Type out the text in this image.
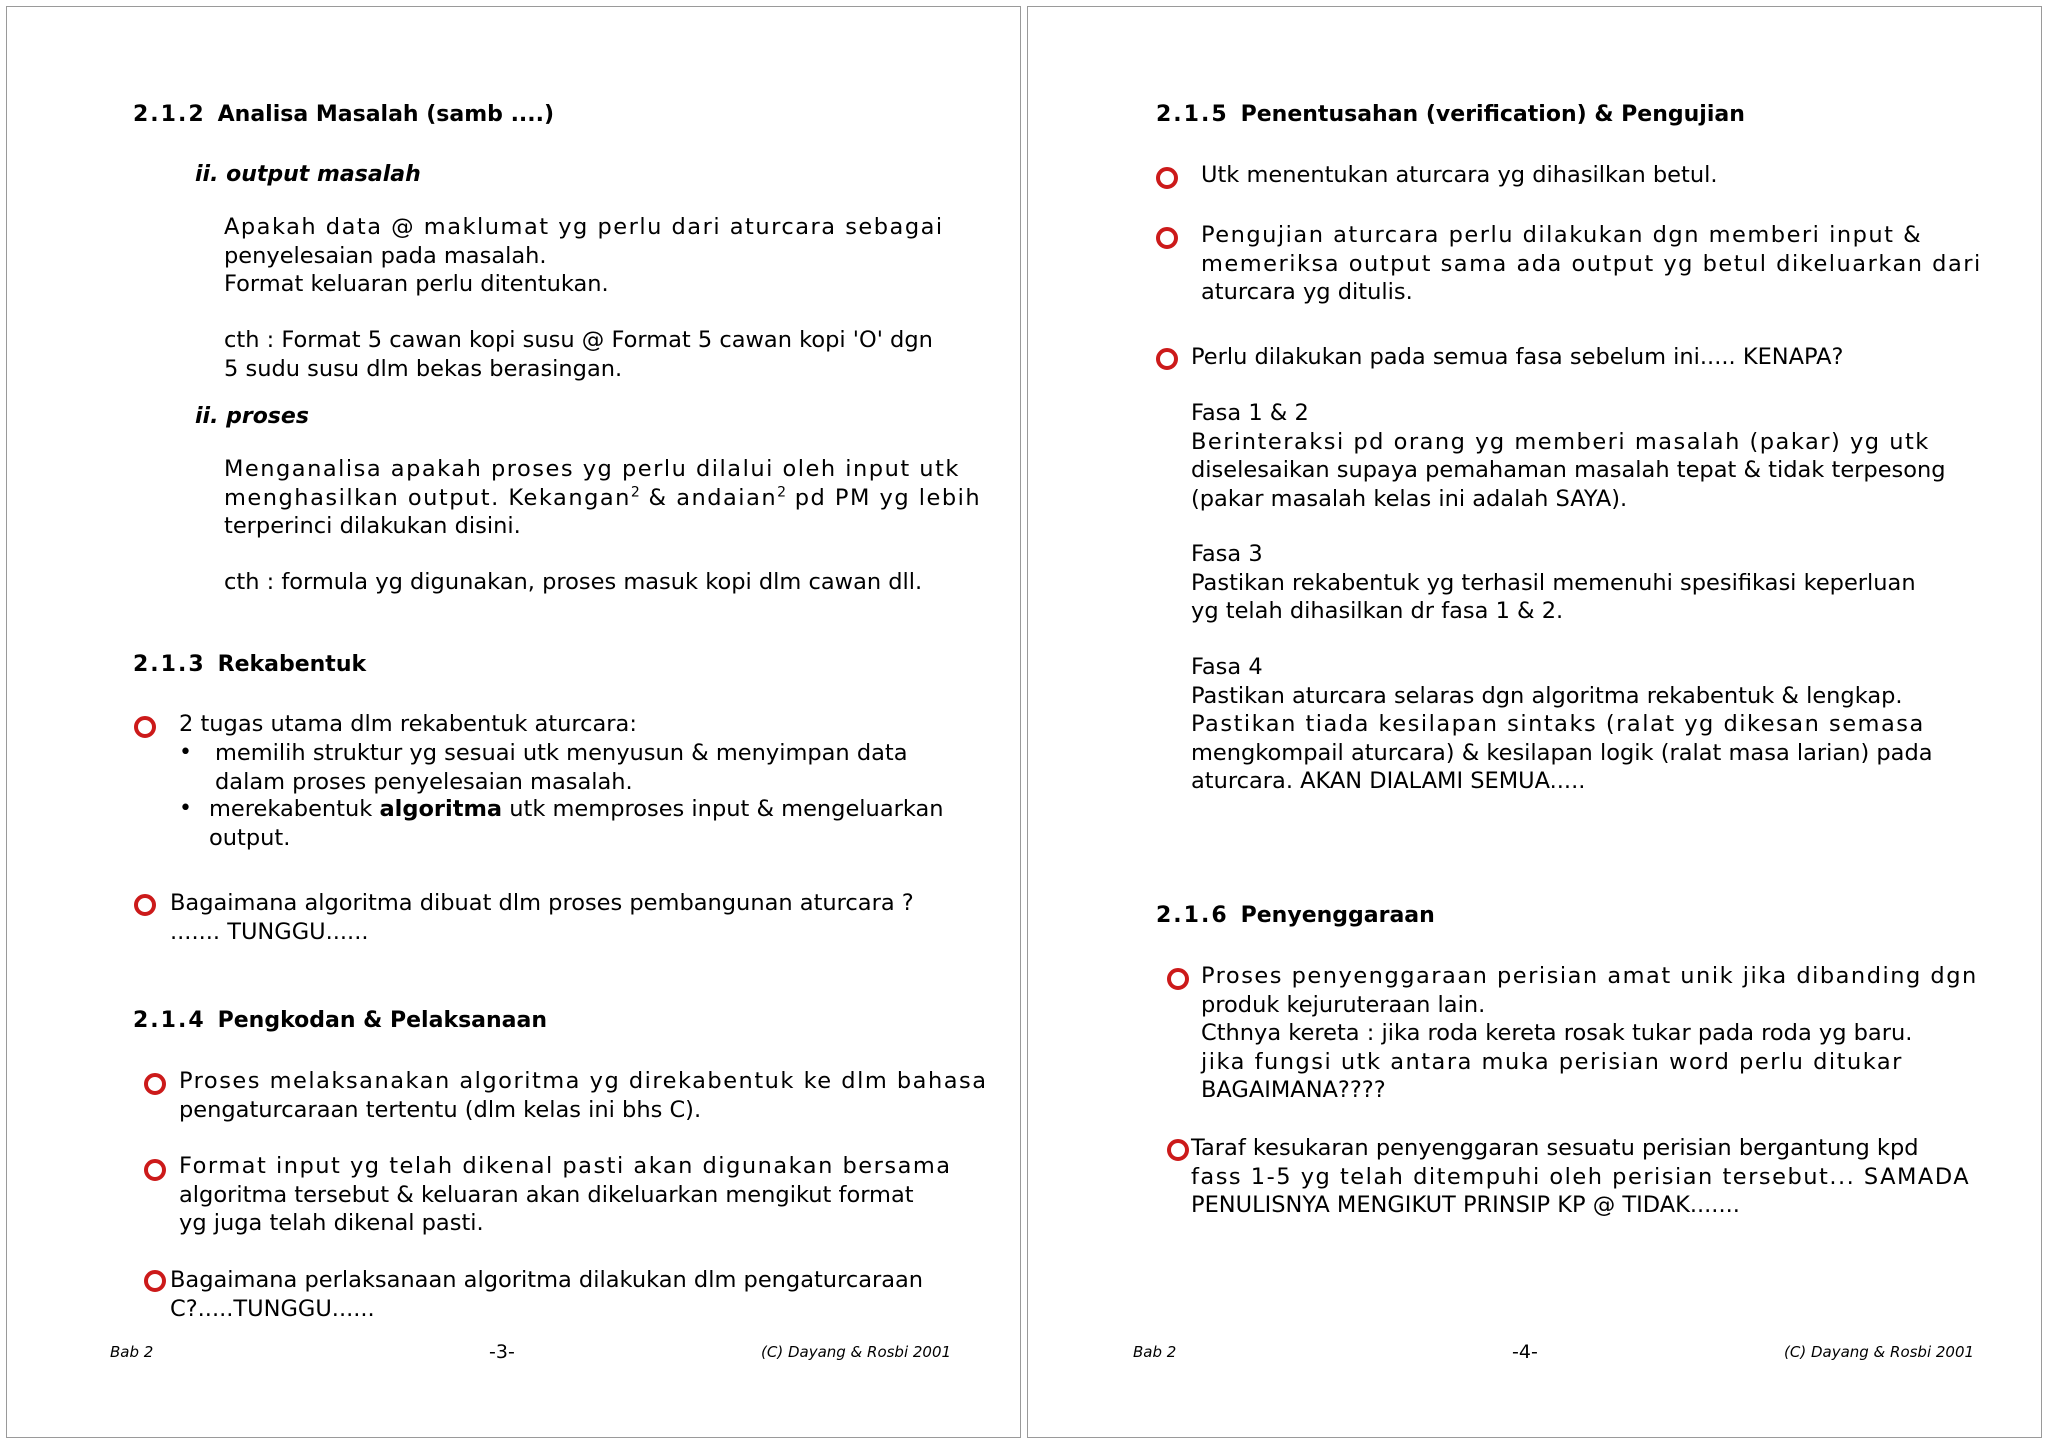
2.1.2 Analisa Masalah (samb ....)
ii. output masalah
Apakah data @ maklumat yg perlu dari aturcara sebagai
penyelesaian pada masalah.
Format keluaran perlu ditentukan.
cth : Format 5 cawan kopi susu @ Format 5 cawan kopi 'O' dgn
5 sudu susu dlm bekas berasingan.
ii. proses
Menganalisa apakah proses yg perlu dilalui oleh input utk
menghasilkan output. Kekangan$^2$ & andaian$^2$ pd PM yg lebih
terperinci dilakukan disini.
cth : formula yg digunakan, proses masuk kopi dlm cawan dll.
2.1.3 Rekabentuk
2 tugas utama dlm rekabentuk aturcara:
• memilih struktur yg sesuai utk menyusun & menyimpan data
dalam proses penyelesaian masalah.
• merekabentuk algoritma utk memproses input & mengeluarkan
output.
Bagaimana algoritma dibuat dlm proses pembangunan aturcara ?
....... TUNGGU......
2.1.4 Pengkodan & Pelaksanaan
Proses melaksanakan algoritma yg direkabentuk ke dlm bahasa
pengaturcaraan tertentu (dlm kelas ini bhs C).
Format input yg telah dikenal pasti akan digunakan bersama
algoritma tersebut & keluaran akan dikeluarkan mengikut format
yg juga telah dikenal pasti.
Bagaimana perlaksanaan algoritma dilakukan dlm pengaturcaraan
C?.....TUNGGU......
Bab 2	-3-	(C) Dayang & Rosbi 2001
2.1.5 Penentusahan (verification) & Pengujian
Utk menentukan aturcara yg dihasilkan betul.
Pengujian aturcara perlu dilakukan dgn memberi input &
memeriksa output sama ada output yg betul dikeluarkan dari
aturcara yg ditulis.
Perlu dilakukan pada semua fasa sebelum ini..... KENAPA?
Fasa 1 & 2
Berinteraksi pd orang yg memberi masalah (pakar) yg utk
diselesaikan supaya pemahaman masalah tepat & tidak terpesong
(pakar masalah kelas ini adalah SAYA).
Fasa 3
Pastikan rekabentuk yg terhasil memenuhi spesifikasi keperluan
yg telah dihasilkan dr fasa 1 & 2.
Fasa 4
Pastikan aturcara selaras dgn algoritma rekabentuk & lengkap.
Pastikan tiada kesilapan sintaks (ralat yg dikesan semasa
mengkompail aturcara) & kesilapan logik (ralat masa larian) pada
aturcara. AKAN DIALAMI SEMUA.....
2.1.6 Penyenggaraan
Proses penyenggaraan perisian amat unik jika dibanding dgn
produk kejuruteraan lain.
Cthnya kereta : jika roda kereta rosak tukar pada roda yg baru.
jika fungsi utk antara muka perisian word perlu ditukar
BAGAIMANA????
Taraf kesukaran penyenggaran sesuatu perisian bergantung kpd
fass 1-5 yg telah ditempuhi oleh perisian tersebut... SAMADA
PENULISNYA MENGIKUT PRINSIP KP @ TIDAK.......
Bab 2	-4-	(C) Dayang & Rosbi 2001
